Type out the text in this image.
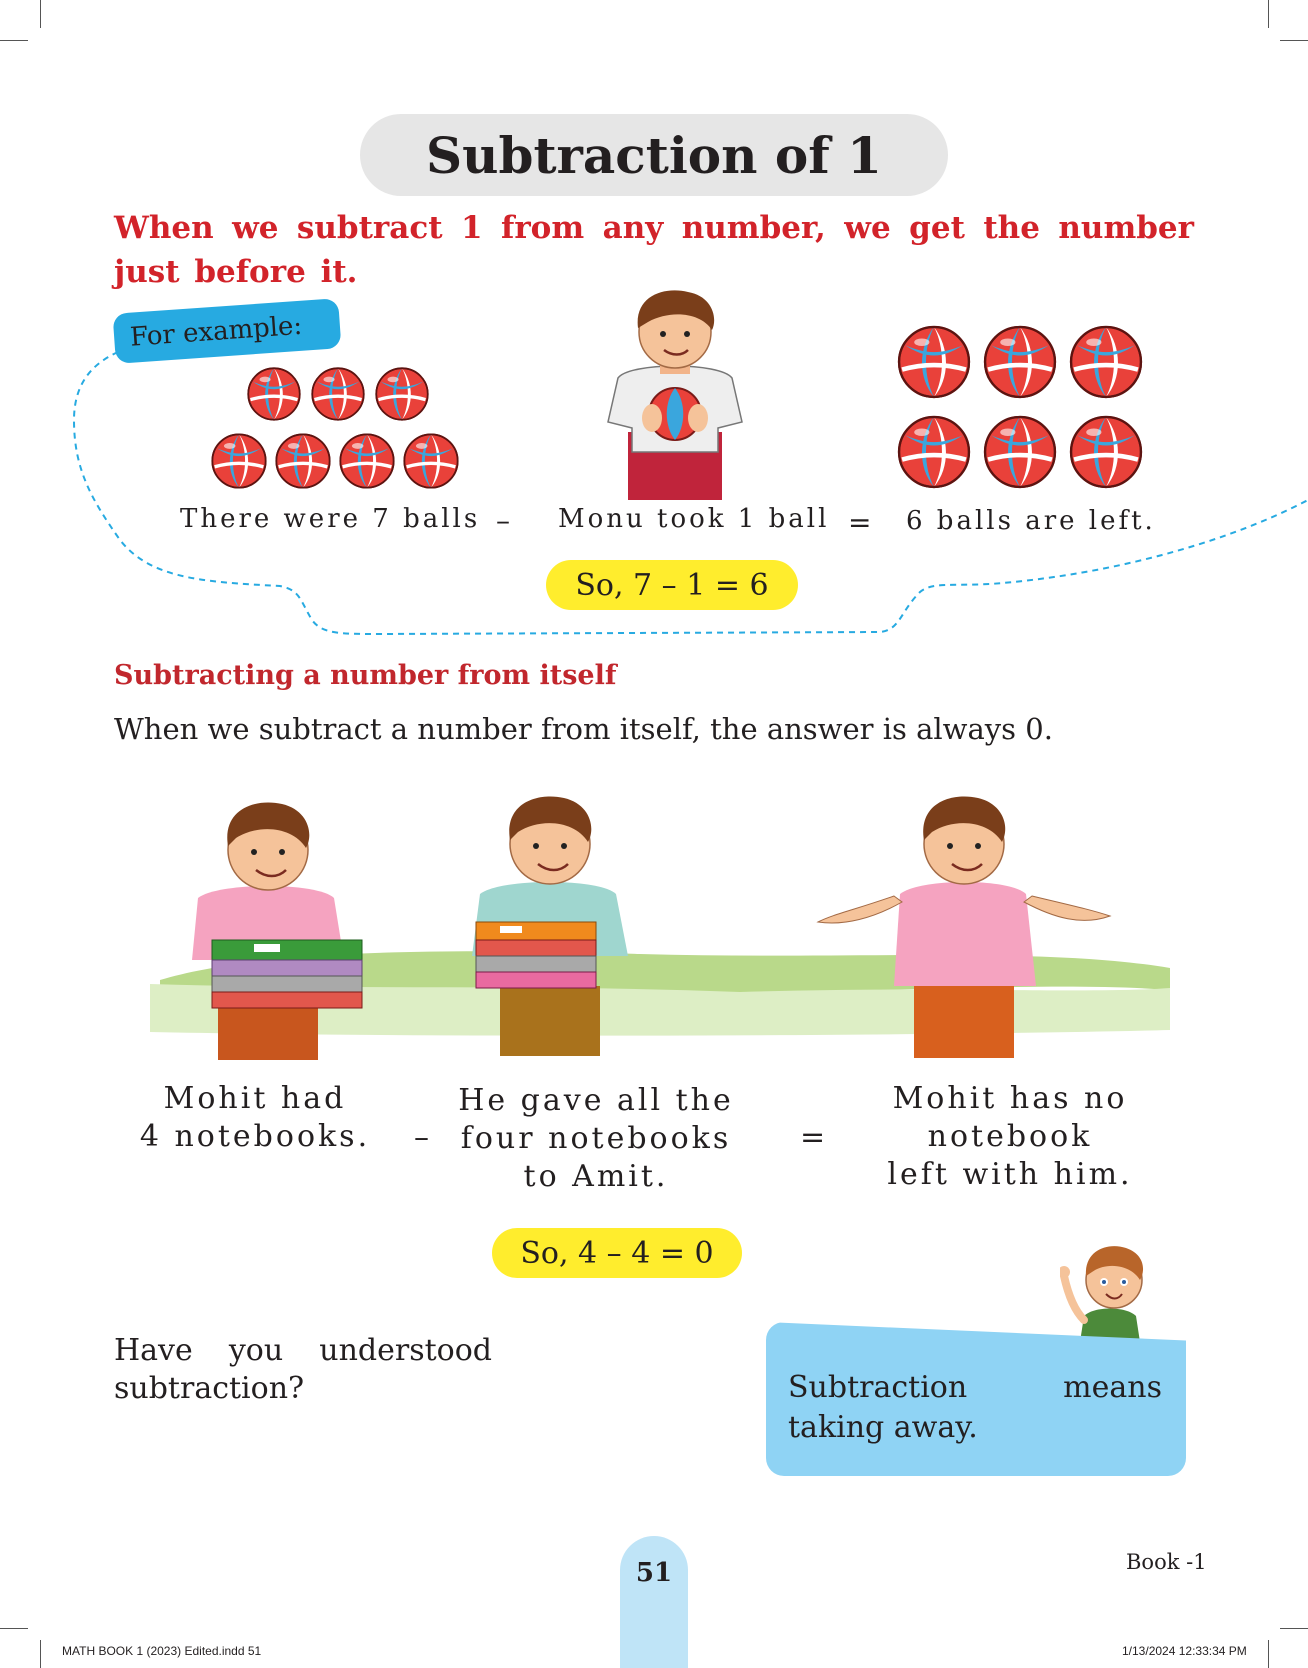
Subtraction of 1
When we subtract 1 from any number, we get the number just before it.
For example:
There were 7 balls – Monu took 1 ball = 6 balls are left.
So, 7 – 1 = 6
Subtracting a number from itself
When we subtract a number from itself, the answer is always 0.
Mohit had
4 notebooks.	–
He gave all the
four notebooks
to Amit.
=
Mohit has no
notebook
left with him.
So, 4 – 4 = 0
Have you understood subtraction?	Subtraction means taking away.
51	Book -1
MATH BOOK 1 (2023) Edited.indd 51	1/13/2024 12:33:34 PM
